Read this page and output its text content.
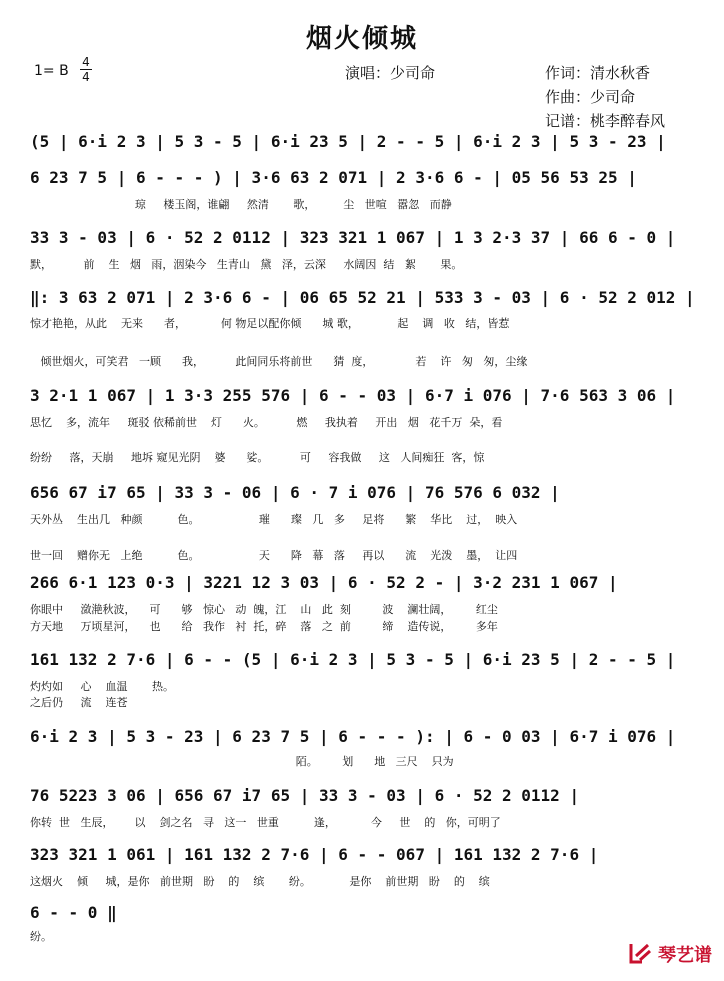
烟火倾城
1= B
4
4	演唱：少司命	作词：清水秋香
作曲：少司命
记谱：桃李醉春风
(5 | 6·i 2 3 | 5 3 - 5 | 6·i 23 5 | 2 - - 5 | 6·i 2 3 | 5 3 - 23 |
6 23 7 5 | 6 - - - ) | 3·6 63 2 071 | 2 3·6 6 - | 05 56 53 25 |
琼     楼玉阁，谁翩     然清       歌，        尘   世喧   嚣忽   而静
33 3 - 03 | 6 · 52 2 0112 | 323 321 1 067 | 1 3 2·3 37 | 66 6 - 0 |
默，         前    生   烟   雨，洇染今   生青山   黛   泽，云深     水阔因  结   絮       果。
‖: 3 63 2 071 | 2 3·6 6 - | 06 65 52 21 | 533 3 - 03 | 6 · 52 2 012 |
惊才艳艳，从此    无来      者，          何 物足以配你倾      城 歌，           起    调   收   结，皆惹
倾世烟火，可笑君   一顾      我，         此间同乐将前世      猜  度，            若    许   匆   匆，尘缘
3 2·1 1 067 | 1 3·3 255 576 | 6 - - 03 | 6·7 i 076 | 7·6 563 3 06 |
思忆    多，流年     斑驳 依稀前世    灯      火。         燃     我执着     开出   烟   花千万  朵，看
纷纷     落，天崩     地坼 窥见光阴    婆      娑。         可     容我做     这   人间痴狂  客，惊
656 67 i7 65 | 33 3 - 06 | 6 · 7 i 076 | 76 576 6 032 |
天外丛    生出几   种颜          色。                 璀      璨   几   多     足将      繁    华比    过，  映入
世一回    赠你无   上绝          色。                 天      降   幕   落     再以      流    光泼    墨，  让四
266 6·1 123 0·3 | 3221 12 3 03 | 6 · 52 2 - | 3·2 231 1 067 |
你眼中     潋滟秋波，    可      够   惊心   动  魄，江    山   此  刻         波    澜壮阔，       红尘
方天地     万顷星河，    也      给   我作   衬  托，碎    落   之  前         缔    造传说，       多年
161 132 2 7·6 | 6 - - (5 | 6·i 2 3 | 5 3 - 5 | 6·i 23 5 | 2 - - 5 |
灼灼如     心    血温       热。
之后仍     流    连苍
6·i 2 3 | 5 3 - 23 | 6 23 7 5 | 6 - - - ): | 6 - 0 03 | 6·7 i 076 |
陌。       划      地   三尺    只为
76 5223 3 06 | 656 67 i7 65 | 33 3 - 03 | 6 · 52 2 0112 |
你转  世   生辰，      以    剑之名   寻   这一   世重          逢，          今     世    的   你，可明了
323 321 1 061 | 161 132 2 7·6 | 6 - - 067 | 161 132 2 7·6 |
这烟火    倾     城，是你   前世期   盼    的    缤       纷。           是你    前世期   盼    的    缤
6 - - 0 ‖
纷。
琴艺谱
